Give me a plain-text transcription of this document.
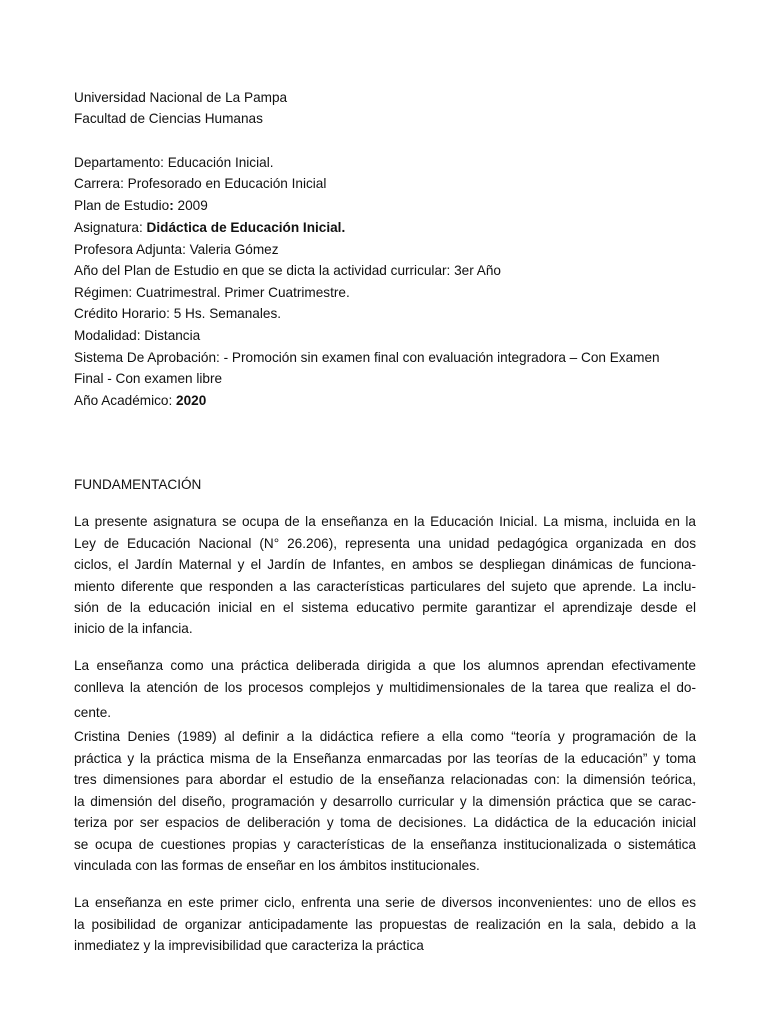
Universidad Nacional de La Pampa
Facultad de Ciencias Humanas
Departamento: Educación Inicial.
Carrera: Profesorado en Educación Inicial
Plan de Estudio: 2009
Asignatura: Didáctica de Educación Inicial.
Profesora Adjunta: Valeria Gómez
Año del Plan de Estudio en que se dicta la actividad curricular: 3er Año
Régimen: Cuatrimestral. Primer Cuatrimestre.
Crédito Horario: 5 Hs. Semanales.
Modalidad: Distancia
Sistema De Aprobación: - Promoción sin examen final con evaluación integradora – Con Examen
Final - Con examen libre
Año Académico: 2020
FUNDAMENTACIÓN
La presente asignatura se ocupa de la enseñanza en la Educación Inicial. La misma, incluida en la
Ley de Educación Nacional (N° 26.206), representa una unidad pedagógica organizada en dos
ciclos, el Jardín Maternal y el Jardín de Infantes, en ambos se despliegan dinámicas de funciona-
miento diferente que responden a las características particulares del sujeto que aprende. La inclu-
sión de la educación inicial en el sistema educativo permite garantizar el aprendizaje desde el
inicio de la infancia.
La enseñanza como una práctica deliberada dirigida a que los alumnos aprendan efectivamente
conlleva la atención de los procesos complejos y multidimensionales de la tarea que realiza el do-
cente.
Cristina Denies (1989) al definir a la didáctica refiere a ella como “teoría y programación de la
práctica y la práctica misma de la Enseñanza enmarcadas por las teorías de la educación” y toma
tres dimensiones para abordar el estudio de la enseñanza relacionadas con: la dimensión teórica,
la dimensión del diseño, programación y desarrollo curricular y la dimensión práctica que se carac-
teriza por ser espacios de deliberación y toma de decisiones. La didáctica de la educación inicial
se ocupa de cuestiones propias y características de la enseñanza institucionalizada o sistemática
vinculada con las formas de enseñar en los ámbitos institucionales.
La enseñanza en este primer ciclo, enfrenta una serie de diversos inconvenientes: uno de ellos es
la posibilidad de organizar anticipadamente las propuestas de realización en la sala, debido a la
inmediatez y la imprevisibilidad que caracteriza la práctica
